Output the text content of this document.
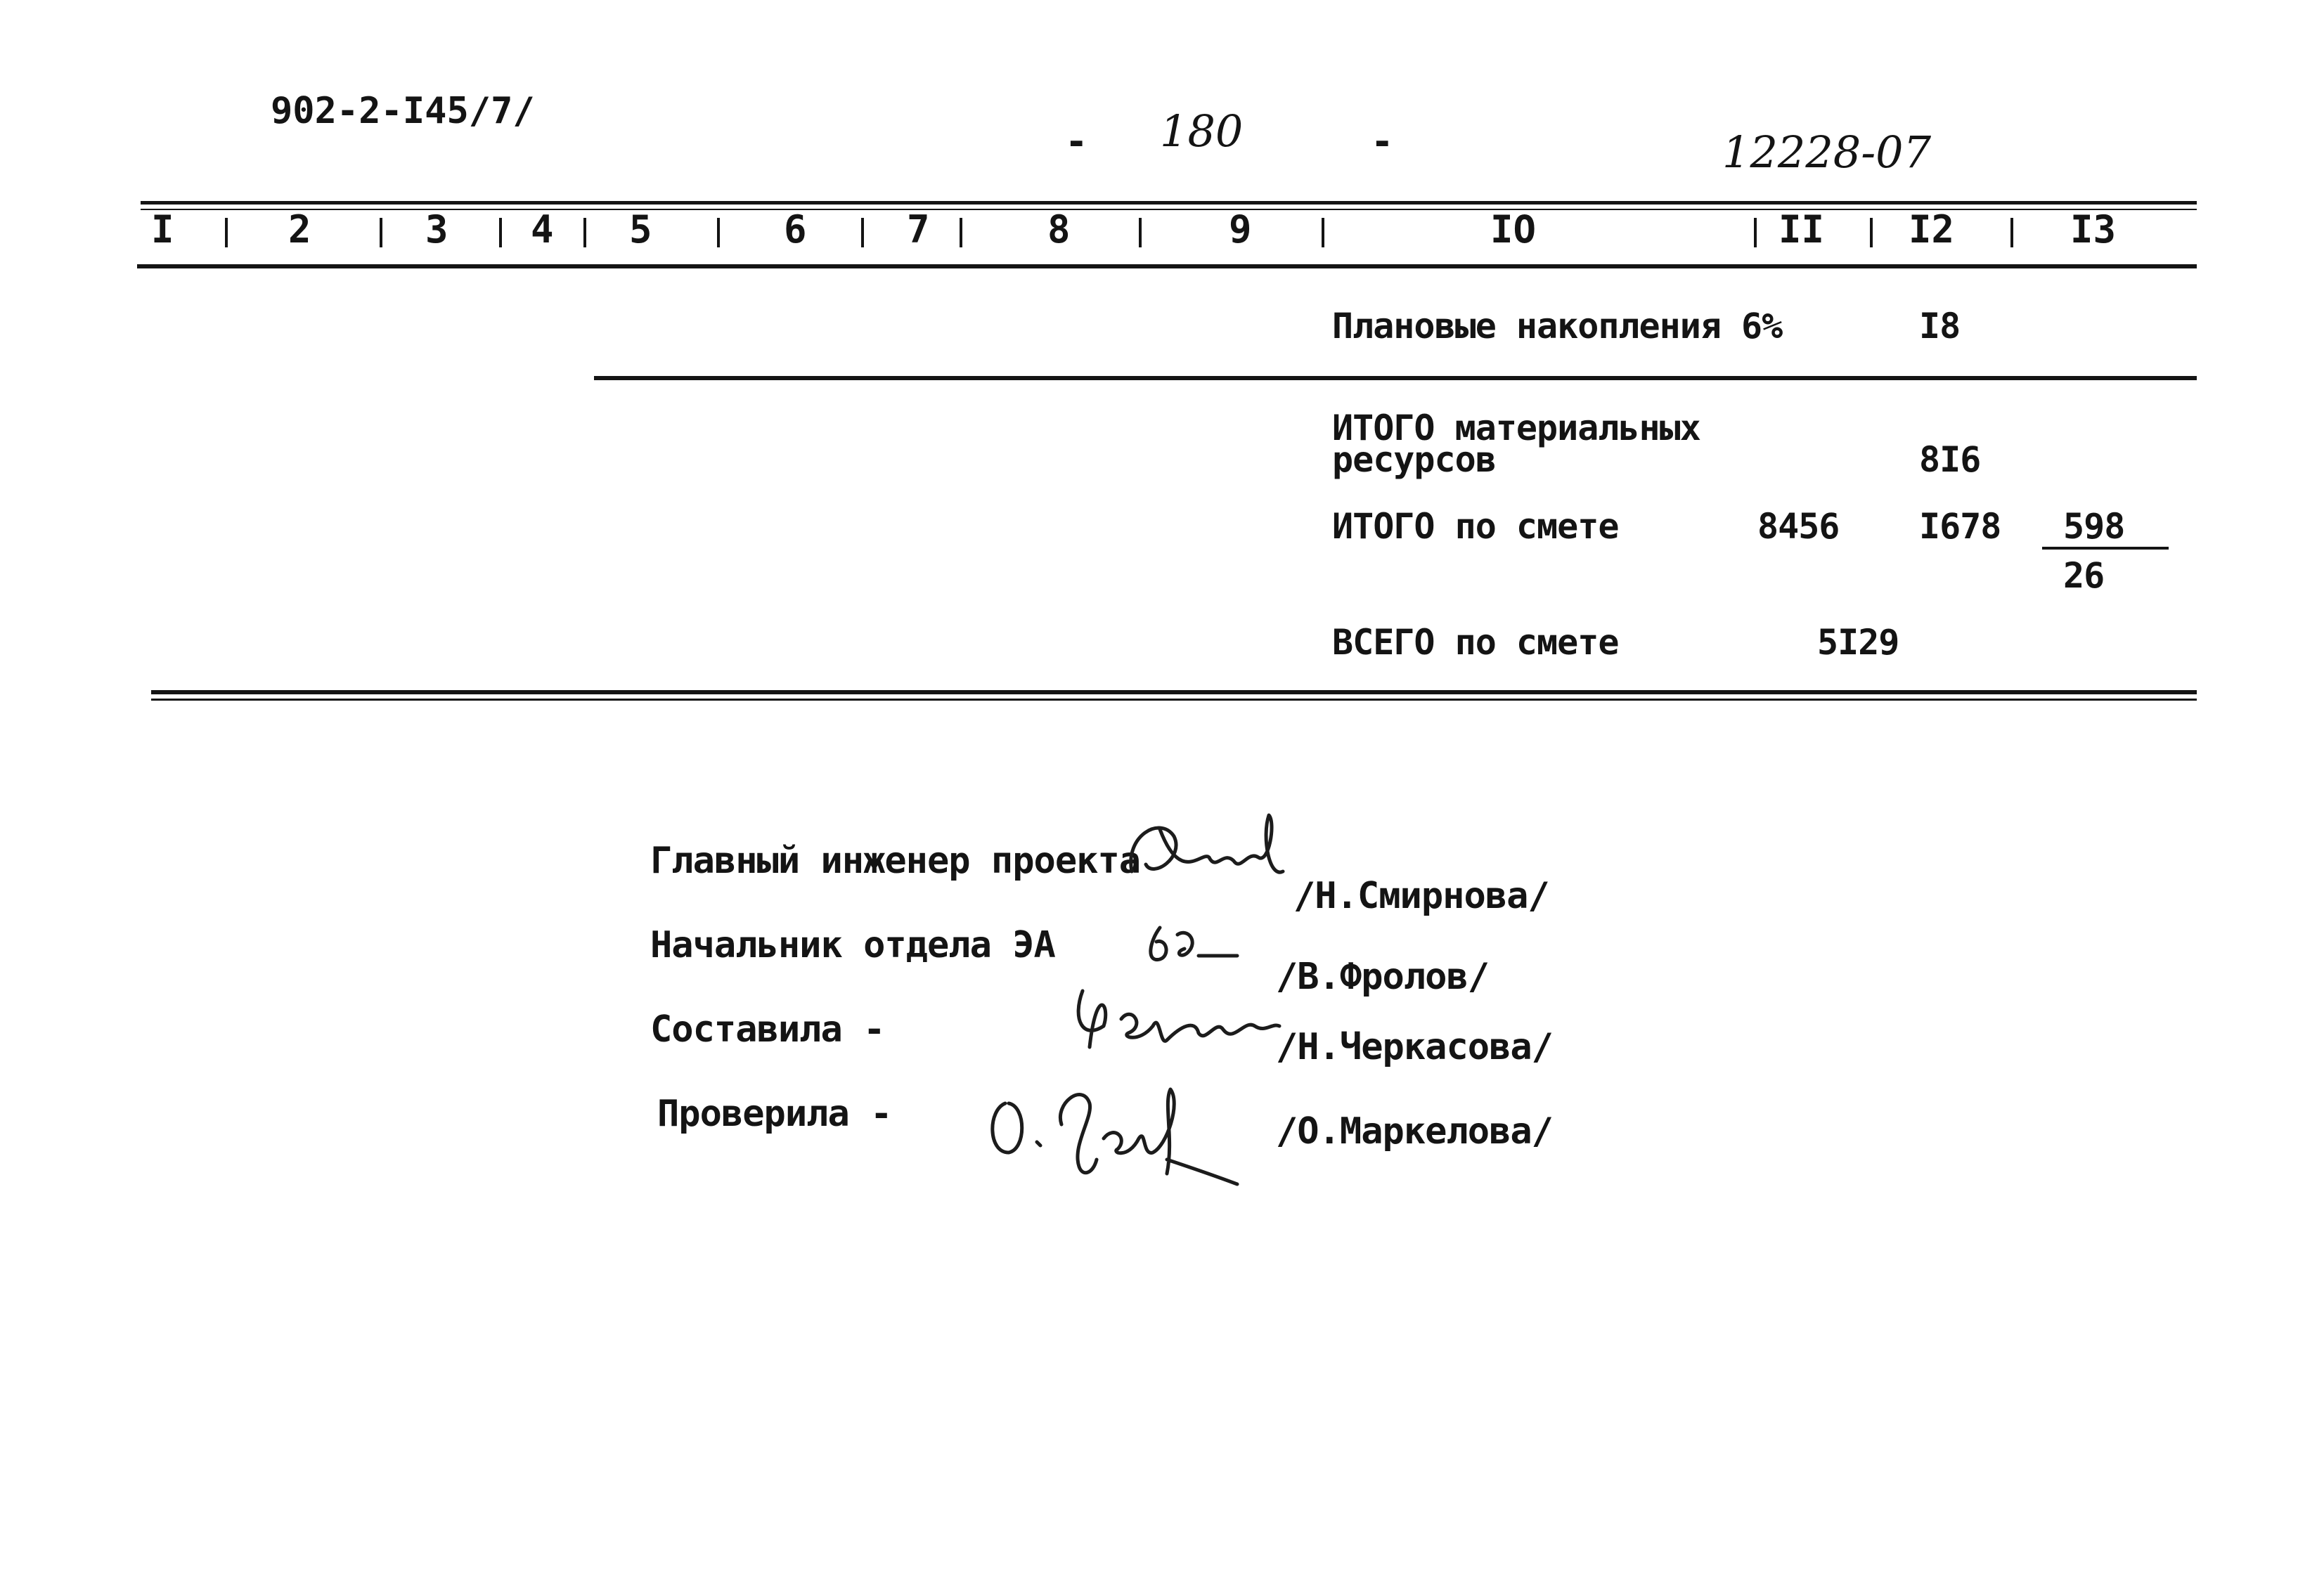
902-2-I45/7/
- 180	-	12228-07
I	2	3 4 5	6	7	8	9	IO	II I2	I3
Плановые накопления 6%	I8
ИТОГО материальных
ресурсов	8I6
ИТОГО по смете	8456 I678 598
26
ВСЕГО по смете	5I29
Главный инженер проекта
/Н.Смирнова/
Начальник отдела ЭА
/В.Фролов/
Составила -	/Н.Черкасова/
Проверила -	/О.Маркелова/
